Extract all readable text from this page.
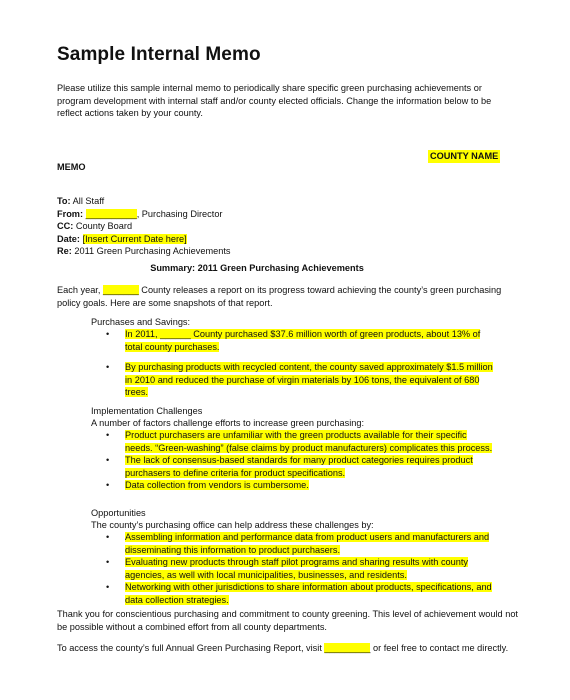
Sample Internal Memo

Please utilize this sample internal memo to periodically share specific green purchasing achievements or program development with internal staff and/or county elected officials. Change the information below to be reflect actions taken by your county.

COUNTY NAME
MEMO
To: All Staff
From: __________, Purchasing Director
CC: County Board
Date: [Insert Current Date here]
Re: 2011 Green Purchasing Achievements
Summary: 2011 Green Purchasing Achievements

Each year, _______ County releases a report on its progress toward achieving the county’s green purchasing policy goals. Here are some snapshots of that report.

Purchases and Savings:
•	In 2011, ______ County purchased $37.6 million worth of green products, about 13% of total county purchases.
•	By purchasing products with recycled content, the county saved approximately $1.5 million in 2010 and reduced the purchase of virgin materials by 106 tons, the equivalent of 680 trees.
Implementation Challenges
A number of factors challenge efforts to increase green purchasing:
•	Product purchasers are unfamiliar with the green products available for their specific needs. “Green-washing” (false claims by product manufacturers) complicates this process.
•	The lack of consensus-based standards for many product categories requires product purchasers to define criteria for product specifications.
•	Data collection from vendors is cumbersome.
Opportunities
The county’s purchasing office can help address these challenges by:
•	Assembling information and performance data from product users and manufacturers and disseminating this information to product purchasers.
•	Evaluating new products through staff pilot programs and sharing results with county agencies, as well with local municipalities, businesses, and residents.
•	Networking with other jurisdictions to share information about products, specifications, and data collection strategies.

Thank you for conscientious purchasing and commitment to county greening. This level of achievement would not be possible without a combined effort from all county departments.

To access the county’s full Annual Green Purchasing Report, visit _________ or feel free to contact me directly.
